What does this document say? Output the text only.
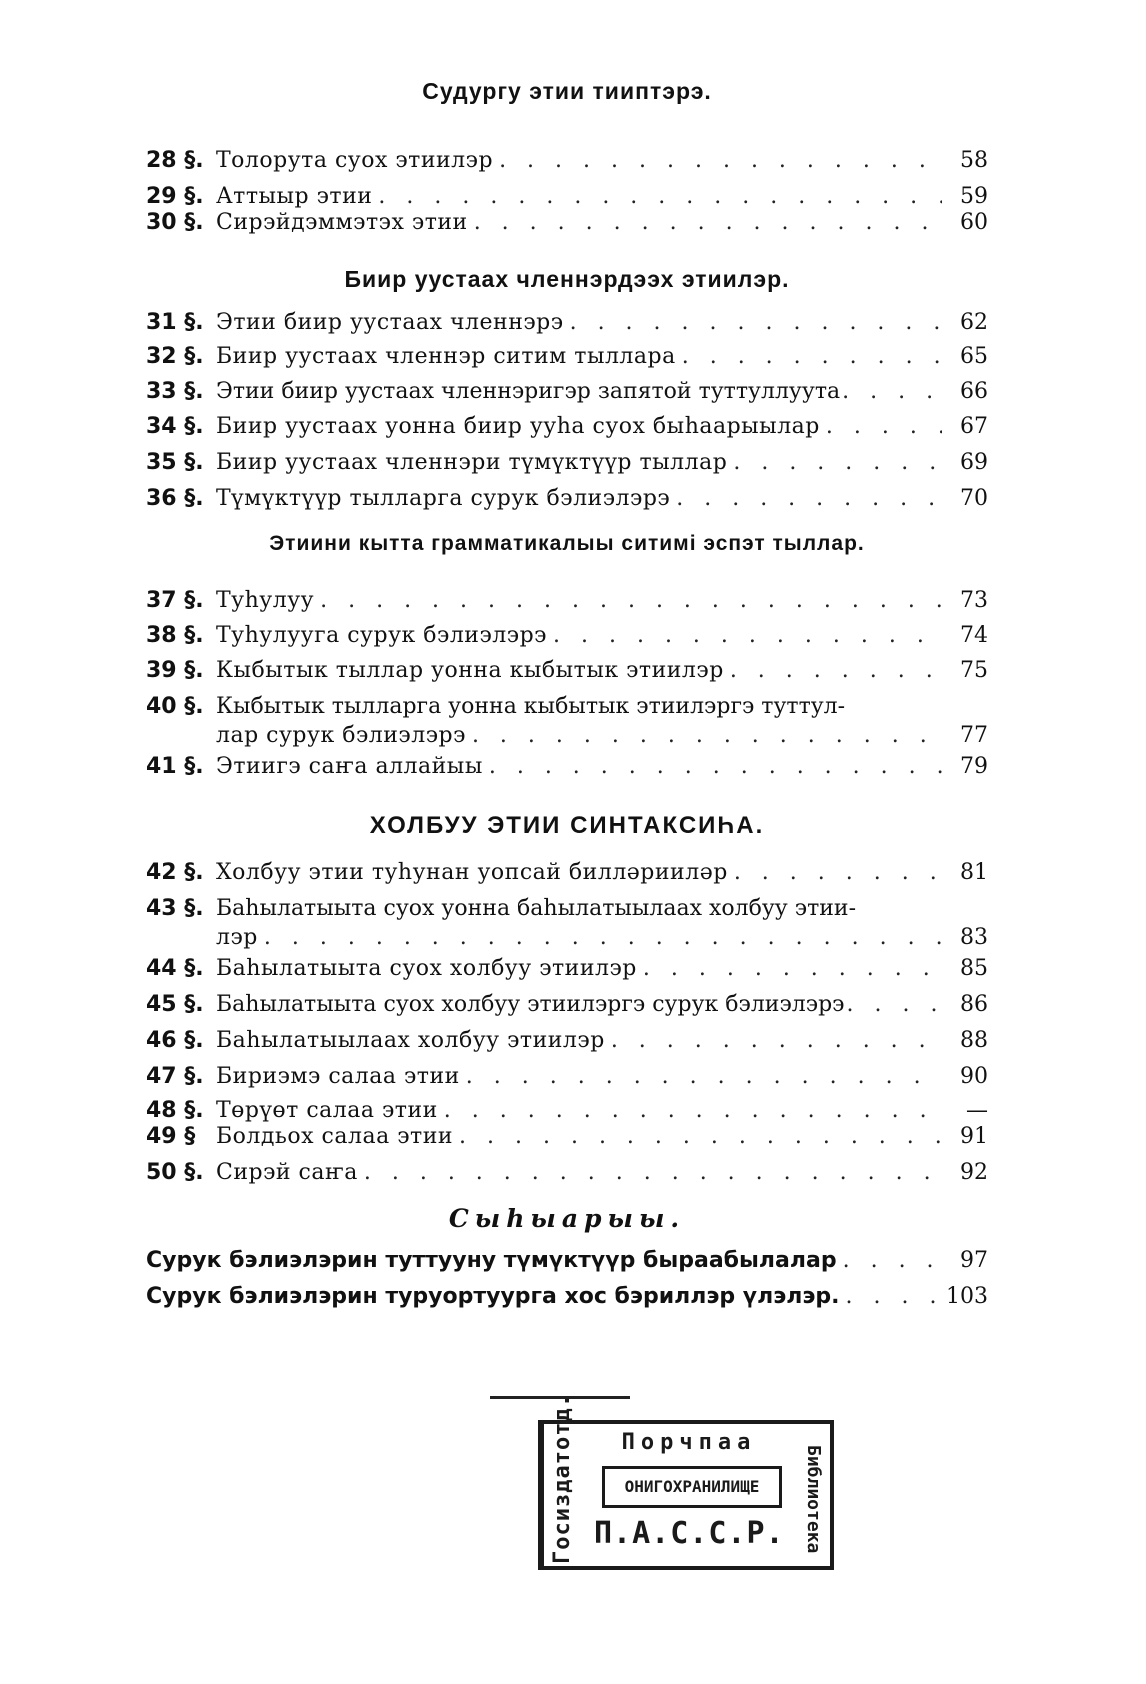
Судургу этии тииптэрэ.
28 §. Толорута суох этиилэр . . .	58
29 §. Аттыыр этии . . .	59
30 §. Сирэйдэммэтэх этии . . .	60
Биир уустаах членнэрдээх этиилэр.
31 §. Этии биир уустаах членнэрэ . . .	62
32 §. Биир уустаах членнэр ситим тыллара . . .	65
33 §. Этии биир уустаах членнэригэр запятой туттуллуута . . .	66
34 §. Биир уустаах уонна биир ууһа суох быһаарыылар . . .	67
35 §. Биир уустаах членнэри түмүктүүр тыллар . . .	69
36 §. Түмүктүүр тылларга сурук бэлиэлэрэ . . .	70
Этиини кытта грамматикалыы ситимі эспэт тыллар.
37 §. Туһулуу . . .	73
38 §. Туһулууга сурук бэлиэлэрэ . . .	74
39 §. Кыбытык тыллар уонна кыбытык этиилэр . . .	75
40 §. Кыбытык тылларга уонна кыбытык этиилэргэ туттул-
лар сурук бэлиэлэрэ . . .	77
41 §. Этиигэ саҥа аллайыы . . .	79
ХОЛБУУ ЭТИИ СИНТАКСИҺА.
42 §. Холбуу этии туһунан уопсай билләрииләр . . .	81
43 §. Баһылатыыта суох уонна баһылатыылаах холбуу этии-
лэр . . .	83
44 §. Баһылатыыта суох холбуу этиилэр . . .	85
45 §. Баһылатыыта суох холбуу этиилэргэ сурук бэлиэлэрэ . . .	86
46 §. Баһылатыылаах холбуу этиилэр . . .	88
47 §. Бириэмэ салаа этии . . .	90
48 §. Төрүөт салаа этии . . .	—
49 § Болдьох салаа этии . . .	91
50 §. Сирэй саҥа . . .	92
Сыһыарыы.
Сурук бэлиэлэрин туттууну түмүктүүр быраабылалар . . .	97
Сурук бэлиэлэрин туруортуурга хос бэриллэр үлэлэр. . . .	103
Госиздатотд.	Порчпаа
ОНИГОХРАНИЛИЩЕ
П.А.С.С.Р.	Библиотека
